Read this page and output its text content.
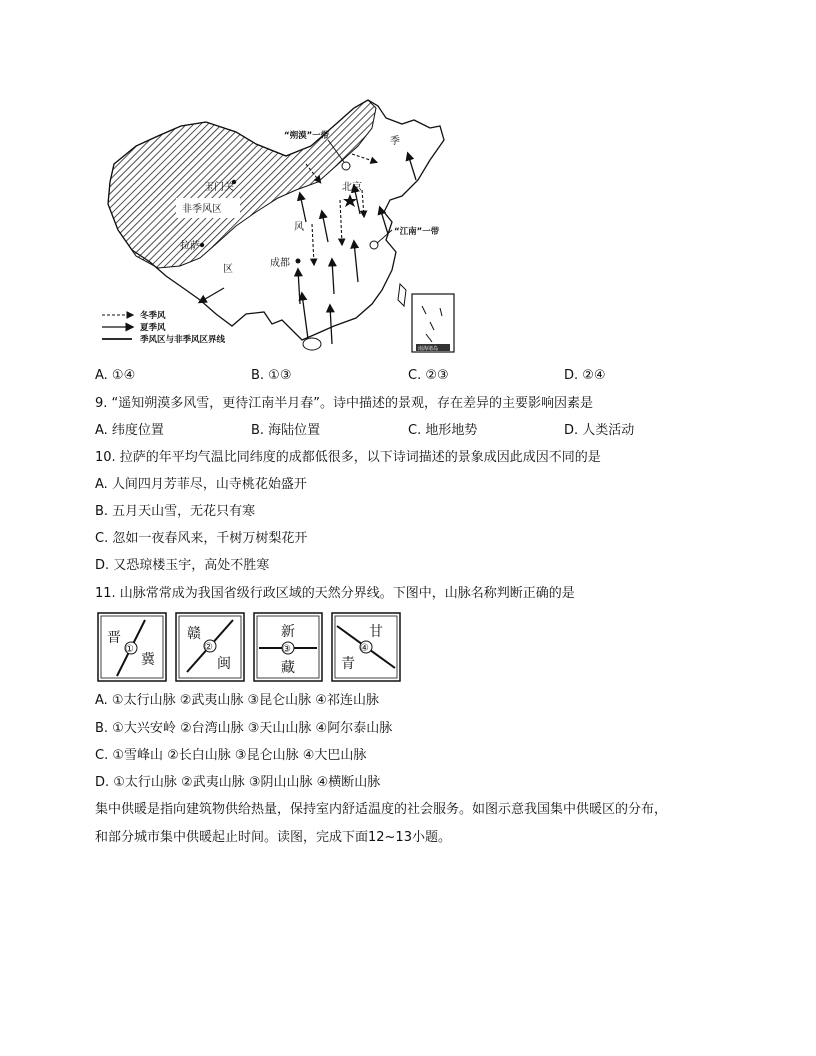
南海诸岛
“朔漠”一带	季
玉门关	北京
非季风区
风	“江南”一带
拉萨
区
成都
冬季风
夏季风
季风区与非季风区界线
A. ①④	B. ①③	C. ②③	D. ②④
9. “遥知朔漠多风雪，更待江南半月春”。诗中描述的景观，存在差异的主要影响因素是
A. 纬度位置	B. 海陆位置	C. 地形地势	D. 人类活动
10. 拉萨的年平均气温比同纬度的成都低很多，以下诗词描述的景象成因此成因不同的是
A. 人间四月芳菲尽，山寺桃花始盛开
B. 五月天山雪，无花只有寒
C. 忽如一夜春风来，千树万树梨花开
D. 又恐琼楼玉宇，高处不胜寒
11. 山脉常常成为我国省级行政区域的天然分界线。下图中，山脉名称判断正确的是
晋
冀
①
赣
闽
②
新
藏
③
甘
青
④
A. ①太行山脉 ②武夷山脉 ③昆仑山脉 ④祁连山脉
B. ①大兴安岭 ②台湾山脉 ③天山山脉 ④阿尔泰山脉
C. ①雪峰山 ②长白山脉 ③昆仑山脉 ④大巴山脉
D. ①太行山脉 ②武夷山脉 ③阴山山脉 ④横断山脉
集中供暖是指向建筑物供给热量，保持室内舒适温度的社会服务。如图示意我国集中供暖区的分布，
和部分城市集中供暖起止时间。读图，完成下面12~13小题。
